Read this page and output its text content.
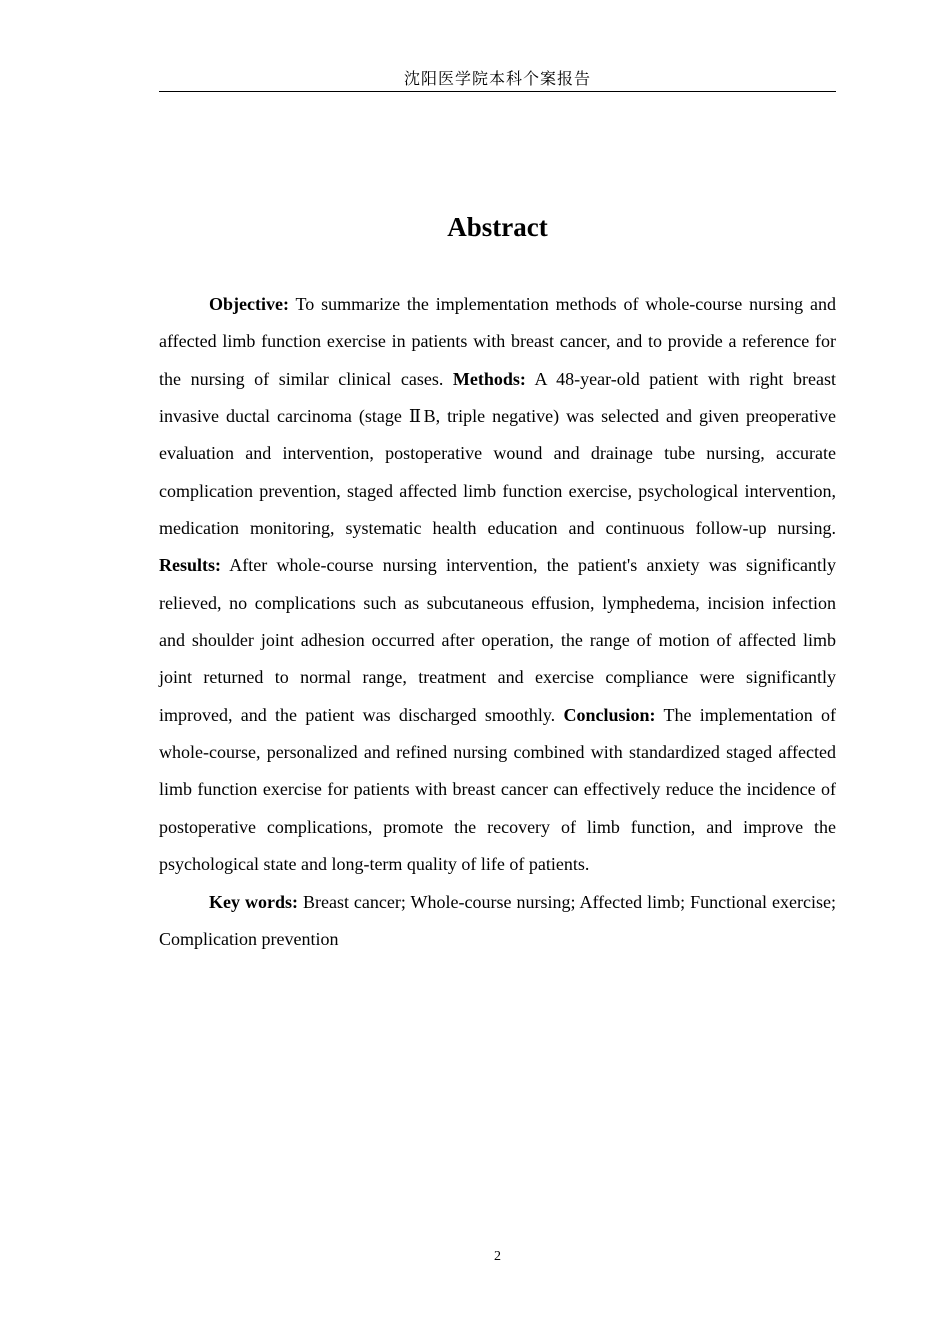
沈阳医学院本科个案报告
Abstract

Objective: To summarize the implementation methods of whole-course nursing and affected limb function exercise in patients with breast cancer, and to provide a reference for the nursing of similar clinical cases. Methods: A 48-year-old patient with right breast invasive ductal carcinoma (stage ⅡB, triple negative) was selected and given preoperative evaluation and intervention, postoperative wound and drainage tube nursing, accurate complication prevention, staged affected limb function exercise, psychological intervention, medication monitoring, systematic health education and continuous follow-up nursing. Results: After whole-course nursing intervention, the patient's anxiety was significantly relieved, no complications such as subcutaneous effusion, lymphedema, incision infection and shoulder joint adhesion occurred after operation, the range of motion of affected limb joint returned to normal range, treatment and exercise compliance were significantly improved, and the patient was discharged smoothly. Conclusion: The implementation of whole-course, personalized and refined nursing combined with standardized staged affected limb function exercise for patients with breast cancer can effectively reduce the incidence of postoperative complications, promote the recovery of limb function, and improve the psychological state and long-term quality of life of patients.

Key words: Breast cancer; Whole-course nursing; Affected limb; Functional exercise; Complication prevention

2
